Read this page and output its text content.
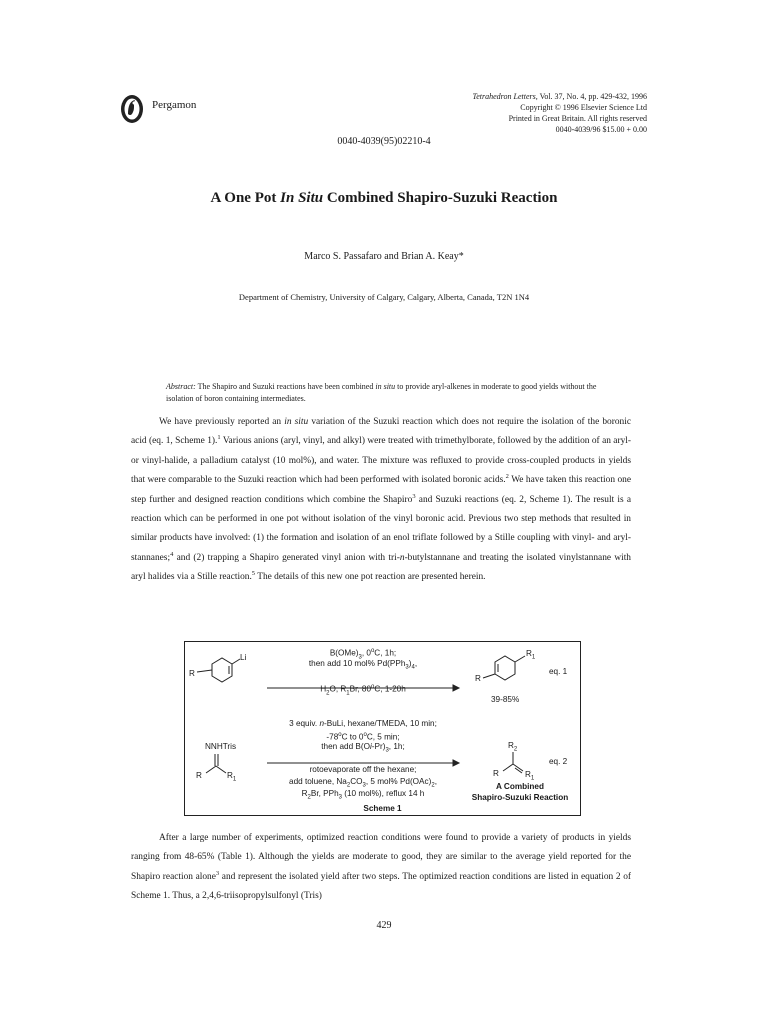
Pergamon
Tetrahedron Letters, Vol. 37, No. 4, pp. 429-432, 1996
Copyright © 1996 Elsevier Science Ltd
Printed in Great Britain. All rights reserved
0040-4039/96 $15.00 + 0.00
0040-4039(95)02210-4
A One Pot In Situ Combined Shapiro-Suzuki Reaction
Marco S. Passafaro and Brian A. Keay*
Department of Chemistry, University of Calgary, Calgary, Alberta, Canada, T2N 1N4
Abstract: The Shapiro and Suzuki reactions have been combined in situ to provide aryl-alkenes in moderate to good yields without the isolation of boron containing intermediates.
We have previously reported an in situ variation of the Suzuki reaction which does not require the isolation of the boronic acid (eq. 1, Scheme 1).$^1$ Various anions (aryl, vinyl, and alkyl) were treated with trimethylborate, followed by the addition of an aryl- or vinyl-halide, a palladium catalyst (10 mol%), and water. The mixture was refluxed to provide cross-coupled products in yields that were comparable to the Suzuki reaction which had been performed with isolated boronic acids.$^2$ We have taken this reaction one step further and designed reaction conditions which combine the Shapiro$^3$ and Suzuki reactions (eq. 2, Scheme 1). The result is a reaction which can be performed in one pot without isolation of the vinyl boronic acid. Previous two step methods that resulted in similar products have involved: (1) the formation and isolation of an enol triflate followed by a Stille coupling with vinyl- and aryl-stannanes;$^4$ and (2) trapping a Shapiro generated vinyl anion with tri-n-butylstannane and treating the isolated vinylstannane with aryl halides via a Stille reaction.$^5$ The details of this new one pot reaction are presented herein.
Li
R
$B(OMe)_3$, 0$^o$C, 1h;
then add 10 mol% $Pd(PPh_3)_4$,
$H_2O$, $R_1Br$, 80$^o$C, 1-20h
$R_1$
R
39-85%
eq. 1
NNHTris
R	$R_1$
3 equiv. n-BuLi, hexane/TMEDA, 10 min;
-78$^o$C to 0$^o$C, 5 min;
then add $B(Oi-Pr)_3$, 1h;
rotoevaporate off the hexane;
add toluene, $Na_2CO_3$, 5 mol% $Pd(OAc)_2$,
$R_2Br$, PPh$_3$ (10 mol%), reflux 14 h
$R_2$
R	$R_1$
A Combined
Shapiro-Suzuki Reaction
eq. 2
Scheme 1
After a large number of experiments, optimized reaction conditions were found to provide a variety of products in yields ranging from 48-65% (Table 1). Although the yields are moderate to good, they are similar to the average yield reported for the Shapiro reaction alone$^3$ and represent the isolated yield after two steps. The optimized reaction conditions are listed in equation 2 of Scheme 1. Thus, a 2,4,6-triisopropylsulfonyl (Tris)
429
